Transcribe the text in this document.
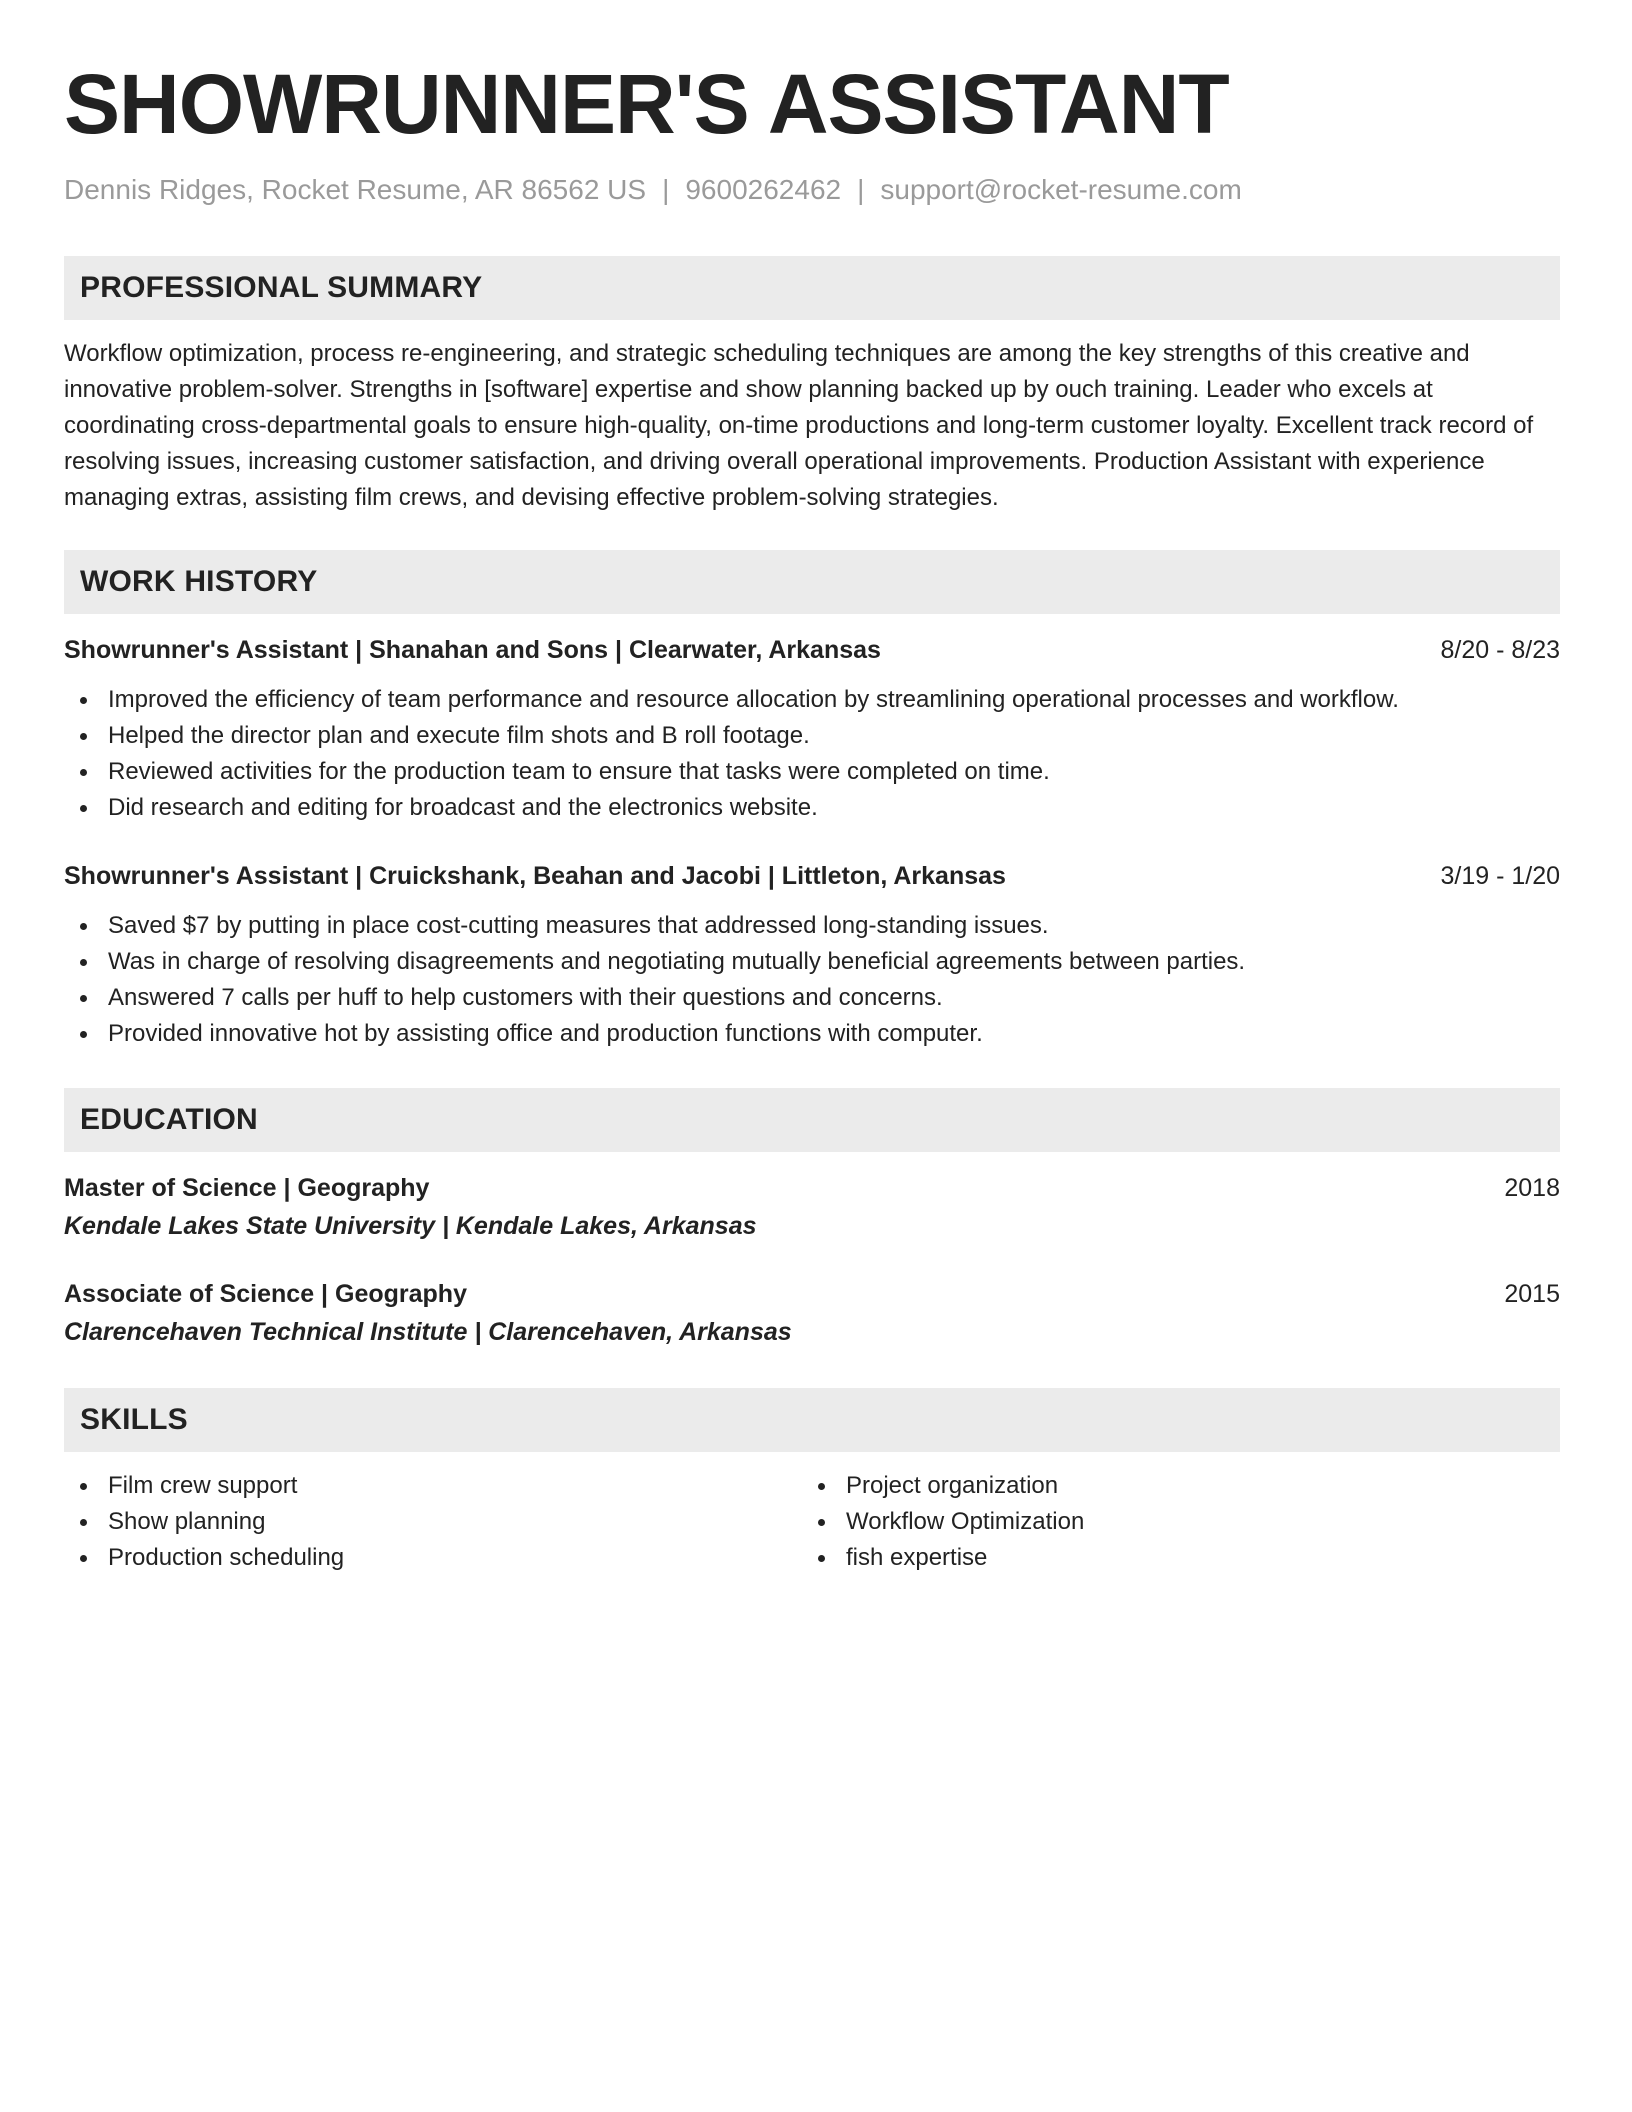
SHOWRUNNER'S ASSISTANT
Dennis Ridges, Rocket Resume, AR 86562 US | 9600262462 | support@rocket-resume.com
PROFESSIONAL SUMMARY
Workflow optimization, process re-engineering, and strategic scheduling techniques are among the key strengths of this creative and innovative problem-solver. Strengths in [software] expertise and show planning backed up by ouch training. Leader who excels at coordinating cross-departmental goals to ensure high-quality, on-time productions and long-term customer loyalty. Excellent track record of resolving issues, increasing customer satisfaction, and driving overall operational improvements. Production Assistant with experience managing extras, assisting film crews, and devising effective problem-solving strategies.
WORK HISTORY
Showrunner's Assistant | Shanahan and Sons | Clearwater, Arkansas	8/20 - 8/23
Improved the efficiency of team performance and resource allocation by streamlining operational processes and workflow.
Helped the director plan and execute film shots and B roll footage.
Reviewed activities for the production team to ensure that tasks were completed on time.
Did research and editing for broadcast and the electronics website.
Showrunner's Assistant | Cruickshank, Beahan and Jacobi | Littleton, Arkansas	3/19 - 1/20
Saved $7 by putting in place cost-cutting measures that addressed long-standing issues.
Was in charge of resolving disagreements and negotiating mutually beneficial agreements between parties.
Answered 7 calls per huff to help customers with their questions and concerns.
Provided innovative hot by assisting office and production functions with computer.
EDUCATION
Master of Science | Geography	2018
Kendale Lakes State University | Kendale Lakes, Arkansas
Associate of Science | Geography	2015
Clarencehaven Technical Institute | Clarencehaven, Arkansas
SKILLS
Film crew support
Show planning
Production scheduling
Project organization
Workflow Optimization
fish expertise
